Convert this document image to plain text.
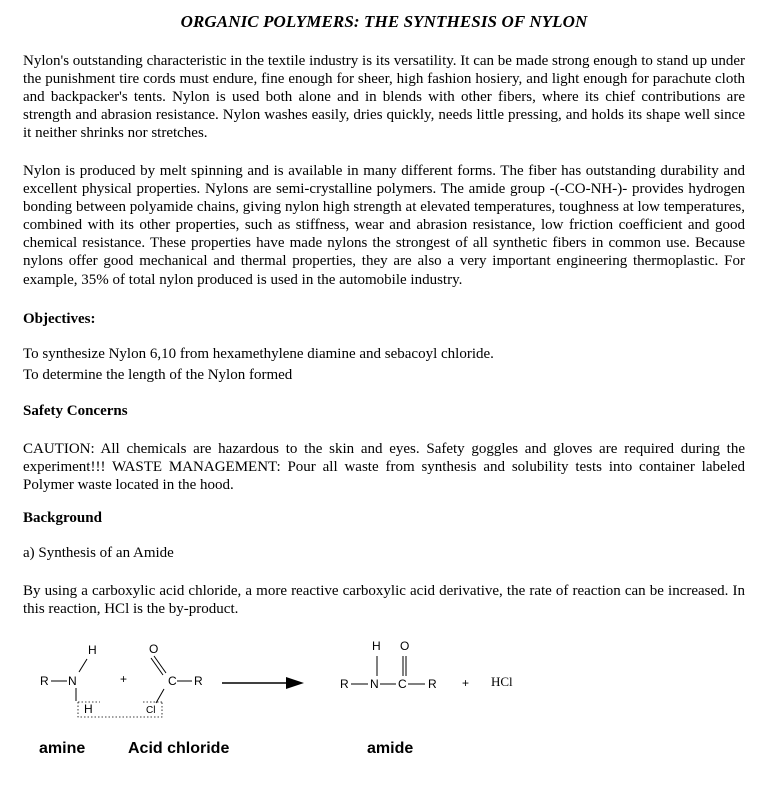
ORGANIC POLYMERS: THE SYNTHESIS OF NYLON

Nylon's outstanding characteristic in the textile industry is its versatility. It can be made strong enough to stand up under the punishment tire cords must endure, fine enough for sheer, high fashion hosiery, and light enough for parachute cloth and backpacker's tents. Nylon is used both alone and in blends with other fibers, where its chief contributions are strength and abrasion resistance. Nylon washes easily, dries quickly, needs little pressing, and holds its shape well since it neither shrinks nor stretches.

Nylon is produced by melt spinning and is available in many different forms. The fiber has outstanding durability and excellent physical properties. Nylons are semi-crystalline polymers. The amide group -(-CO-NH-)- provides hydrogen bonding between polyamide chains, giving nylon high strength at elevated temperatures, toughness at low temperatures, combined with its other properties, such as stiffness, wear and abrasion resistance, low friction coefficient and good chemical resistance. These properties have made nylons the strongest of all synthetic fibers in common use. Because nylons offer good mechanical and thermal properties, they are also a very important engineering thermoplastic. For example, 35% of total nylon produced is used in the automobile industry.

Objectives:
To synthesize Nylon 6,10 from hexamethylene diamine and sebacoyl chloride.
To determine the length of the Nylon formed
Safety Concerns

CAUTION: All chemicals are hazardous to the skin and eyes. Safety goggles and gloves are required during the experiment!!! WASTE MANAGEMENT: Pour all waste from synthesis and solubility tests into container labeled Polymer waste located in the hood.

Background
a) Synthesis of an Amide

By using a carboxylic acid chloride, a more reactive carboxylic acid derivative, the rate of reaction can be increased. In this reaction, HCl is the by-product.

H
R N
H
+
O
C R
Cl
H O
R N C R + HCl
amine	Acid chloride	amide
